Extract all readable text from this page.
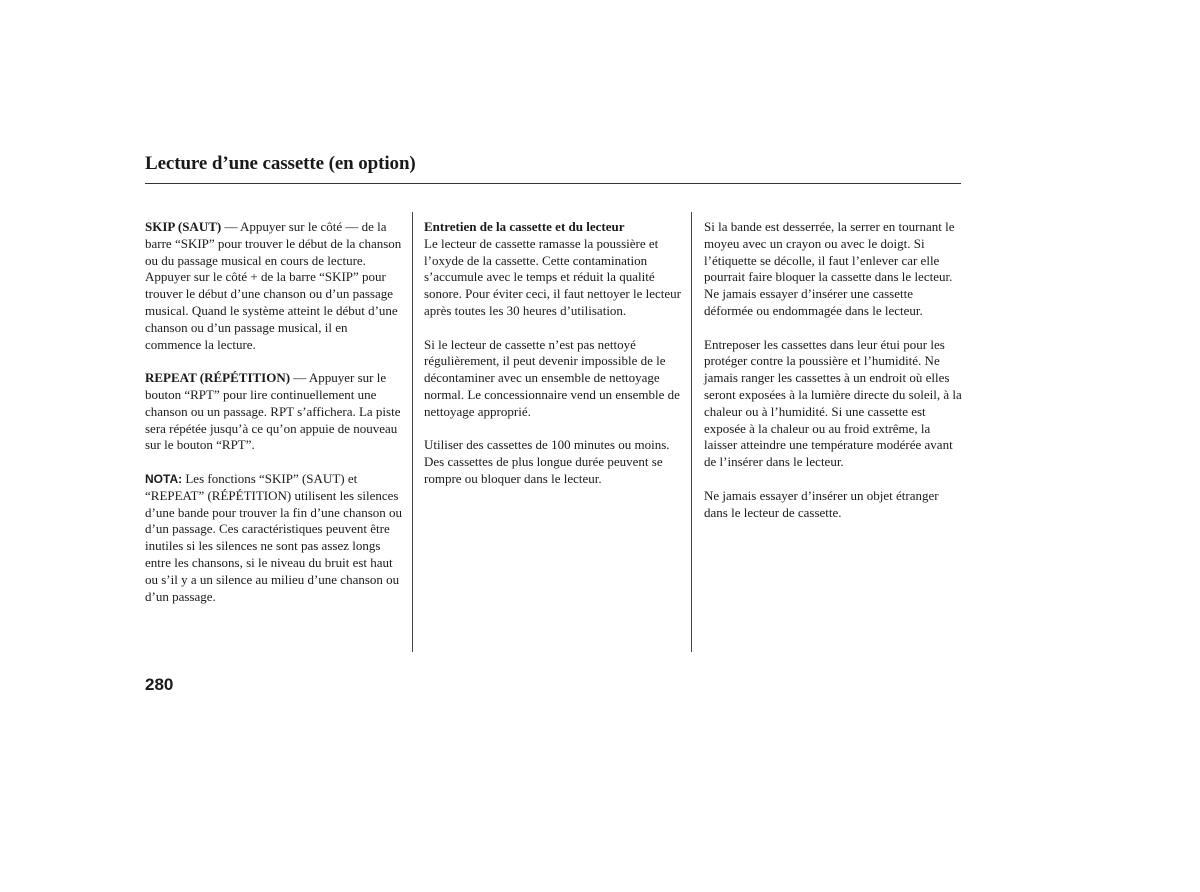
Lecture d’une cassette (en option)

SKIP (SAUT) — Appuyer sur le côté — de la barre “SKIP” pour trouver le début de la chanson ou du passage musical en cours de lecture. Appuyer sur le côté + de la barre “SKIP” pour trouver le début d’une chanson ou d’un passage musical. Quand le système atteint le début d’une chanson ou d’un passage musical, il en commence la lecture.

REPEAT (RÉPÉTITION) — Appuyer sur le bouton “RPT” pour lire continuellement une chanson ou un passage. RPT s’affichera. La piste sera répétée jusqu’à ce qu’on appuie de nouveau sur le bouton “RPT”.

NOTA: Les fonctions “SKIP” (SAUT) et “REPEAT” (RÉPÉTITION) utilisent les silences d’une bande pour trouver la fin d’une chanson ou d’un passage. Ces caractéristiques peuvent être inutiles si les silences ne sont pas assez longs entre les chansons, si le niveau du bruit est haut ou s’il y a un silence au milieu d’une chanson ou d’un passage.

Entretien de la cassette et du lecteur
Le lecteur de cassette ramasse la poussière et l’oxyde de la cassette. Cette contamination s’accumule avec le temps et réduit la qualité sonore. Pour éviter ceci, il faut nettoyer le lecteur après toutes les 30 heures d’utilisation.

Si le lecteur de cassette n’est pas nettoyé régulièrement, il peut devenir impossible de le décontaminer avec un ensemble de nettoyage normal. Le concessionnaire vend un ensemble de nettoyage approprié.

Utiliser des cassettes de 100 minutes ou moins. Des cassettes de plus longue durée peuvent se rompre ou bloquer dans le lecteur.

Si la bande est desserrée, la serrer en tournant le moyeu avec un crayon ou avec le doigt. Si l’étiquette se décolle, il faut l’enlever car elle pourrait faire bloquer la cassette dans le lecteur. Ne jamais essayer d’insérer une cassette déformée ou endommagée dans le lecteur.

Entreposer les cassettes dans leur étui pour les protéger contre la poussière et l’humidité. Ne jamais ranger les cassettes à un endroit où elles seront exposées à la lumière directe du soleil, à la chaleur ou à l’humidité. Si une cassette est exposée à la chaleur ou au froid extrême, la laisser atteindre une température modérée avant de l’insérer dans le lecteur.

Ne jamais essayer d’insérer un objet étranger dans le lecteur de cassette.

280
